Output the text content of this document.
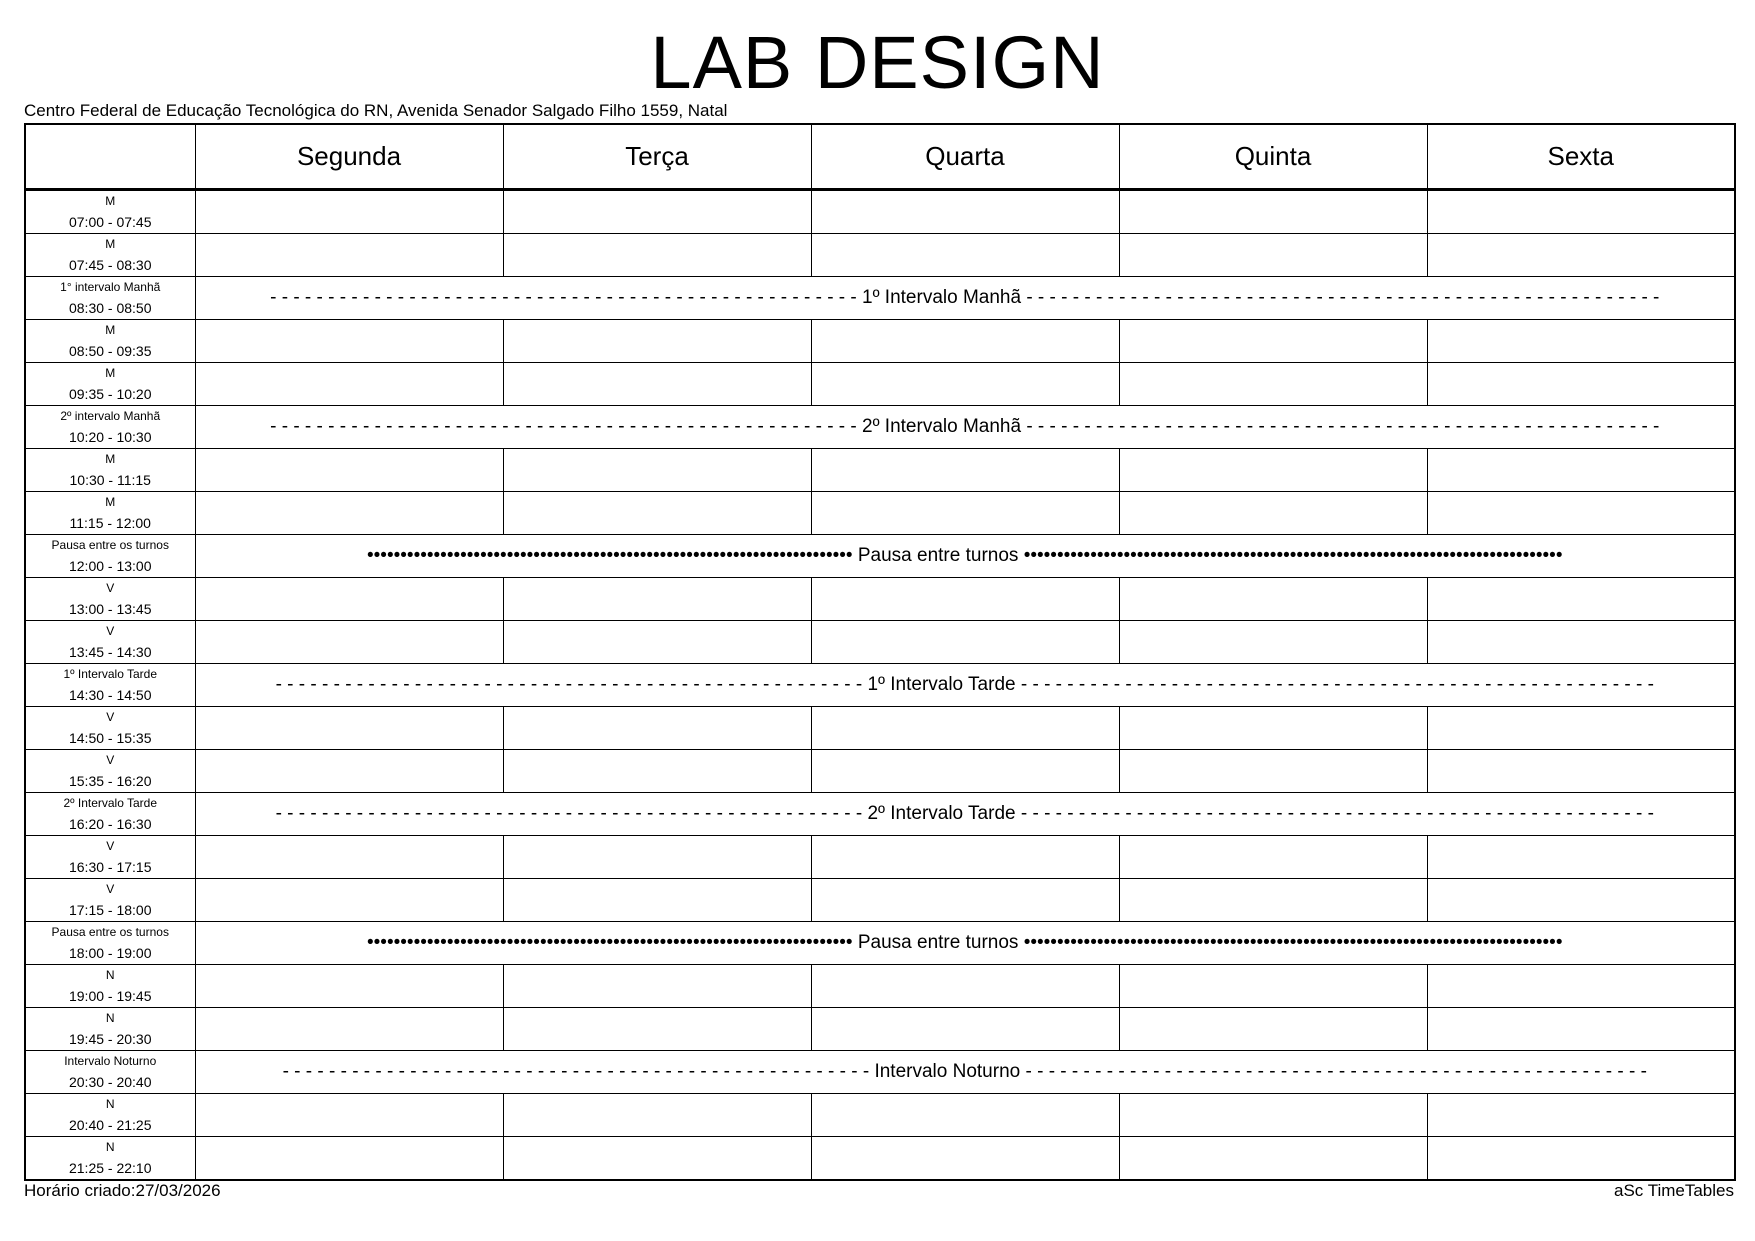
LAB DESIGN
Centro Federal de Educação Tecnológica do RN, Avenida Senador Salgado Filho 1559, Natal
	Segunda	Terça	Quarta	Quinta	Sexta

M
07:00 - 07:45					

M
07:45 - 08:30					

1° intervalo Manhã
08:30 - 08:50	- - - - - - - - - - - - - - - - - - - - - - - - - - - - - - - - - - - - - - - - - - - - - - - - - - - 1º Intervalo Manhã - - - - - - - - - - - - - - - - - - - - - - - - - - - - - - - - - - - - - - - - - - - - - - - - - - - - - - -				

M
08:50 - 09:35					

M
09:35 - 10:20					

2º intervalo Manhã
10:20 - 10:30	- - - - - - - - - - - - - - - - - - - - - - - - - - - - - - - - - - - - - - - - - - - - - - - - - - - 2º Intervalo Manhã - - - - - - - - - - - - - - - - - - - - - - - - - - - - - - - - - - - - - - - - - - - - - - - - - - - - - - -				

M
10:30 - 11:15					

M
11:15 - 12:00					

Pausa entre os turnos
12:00 - 13:00	••••••••••••••••••••••••••••••••••••••••••••••••••••••••••••••••••••••••• Pausa entre turnos •••••••••••••••••••••••••••••••••••••••••••••••••••••••••••••••••••••••••••••••••				

V
13:00 - 13:45					

V
13:45 - 14:30					

1º Intervalo Tarde
14:30 - 14:50	- - - - - - - - - - - - - - - - - - - - - - - - - - - - - - - - - - - - - - - - - - - - - - - - - - - 1º Intervalo Tarde - - - - - - - - - - - - - - - - - - - - - - - - - - - - - - - - - - - - - - - - - - - - - - - - - - - - - - -				

V
14:50 - 15:35					

V
15:35 - 16:20					

2º Intervalo Tarde
16:20 - 16:30	- - - - - - - - - - - - - - - - - - - - - - - - - - - - - - - - - - - - - - - - - - - - - - - - - - - 2º Intervalo Tarde - - - - - - - - - - - - - - - - - - - - - - - - - - - - - - - - - - - - - - - - - - - - - - - - - - - - - - -				

V
16:30 - 17:15					

V
17:15 - 18:00					

Pausa entre os turnos
18:00 - 19:00	••••••••••••••••••••••••••••••••••••••••••••••••••••••••••••••••••••••••• Pausa entre turnos •••••••••••••••••••••••••••••••••••••••••••••••••••••••••••••••••••••••••••••••••				

N
19:00 - 19:45					

N
19:45 - 20:30					

Intervalo Noturno
20:30 - 20:40	- - - - - - - - - - - - - - - - - - - - - - - - - - - - - - - - - - - - - - - - - - - - - - - - - - - Intervalo Noturno - - - - - - - - - - - - - - - - - - - - - - - - - - - - - - - - - - - - - - - - - - - - - - - - - - - - - -				

N
20:40 - 21:25					

N
21:25 - 22:10					

Horário criado:27/03/2026	aSc TimeTables
